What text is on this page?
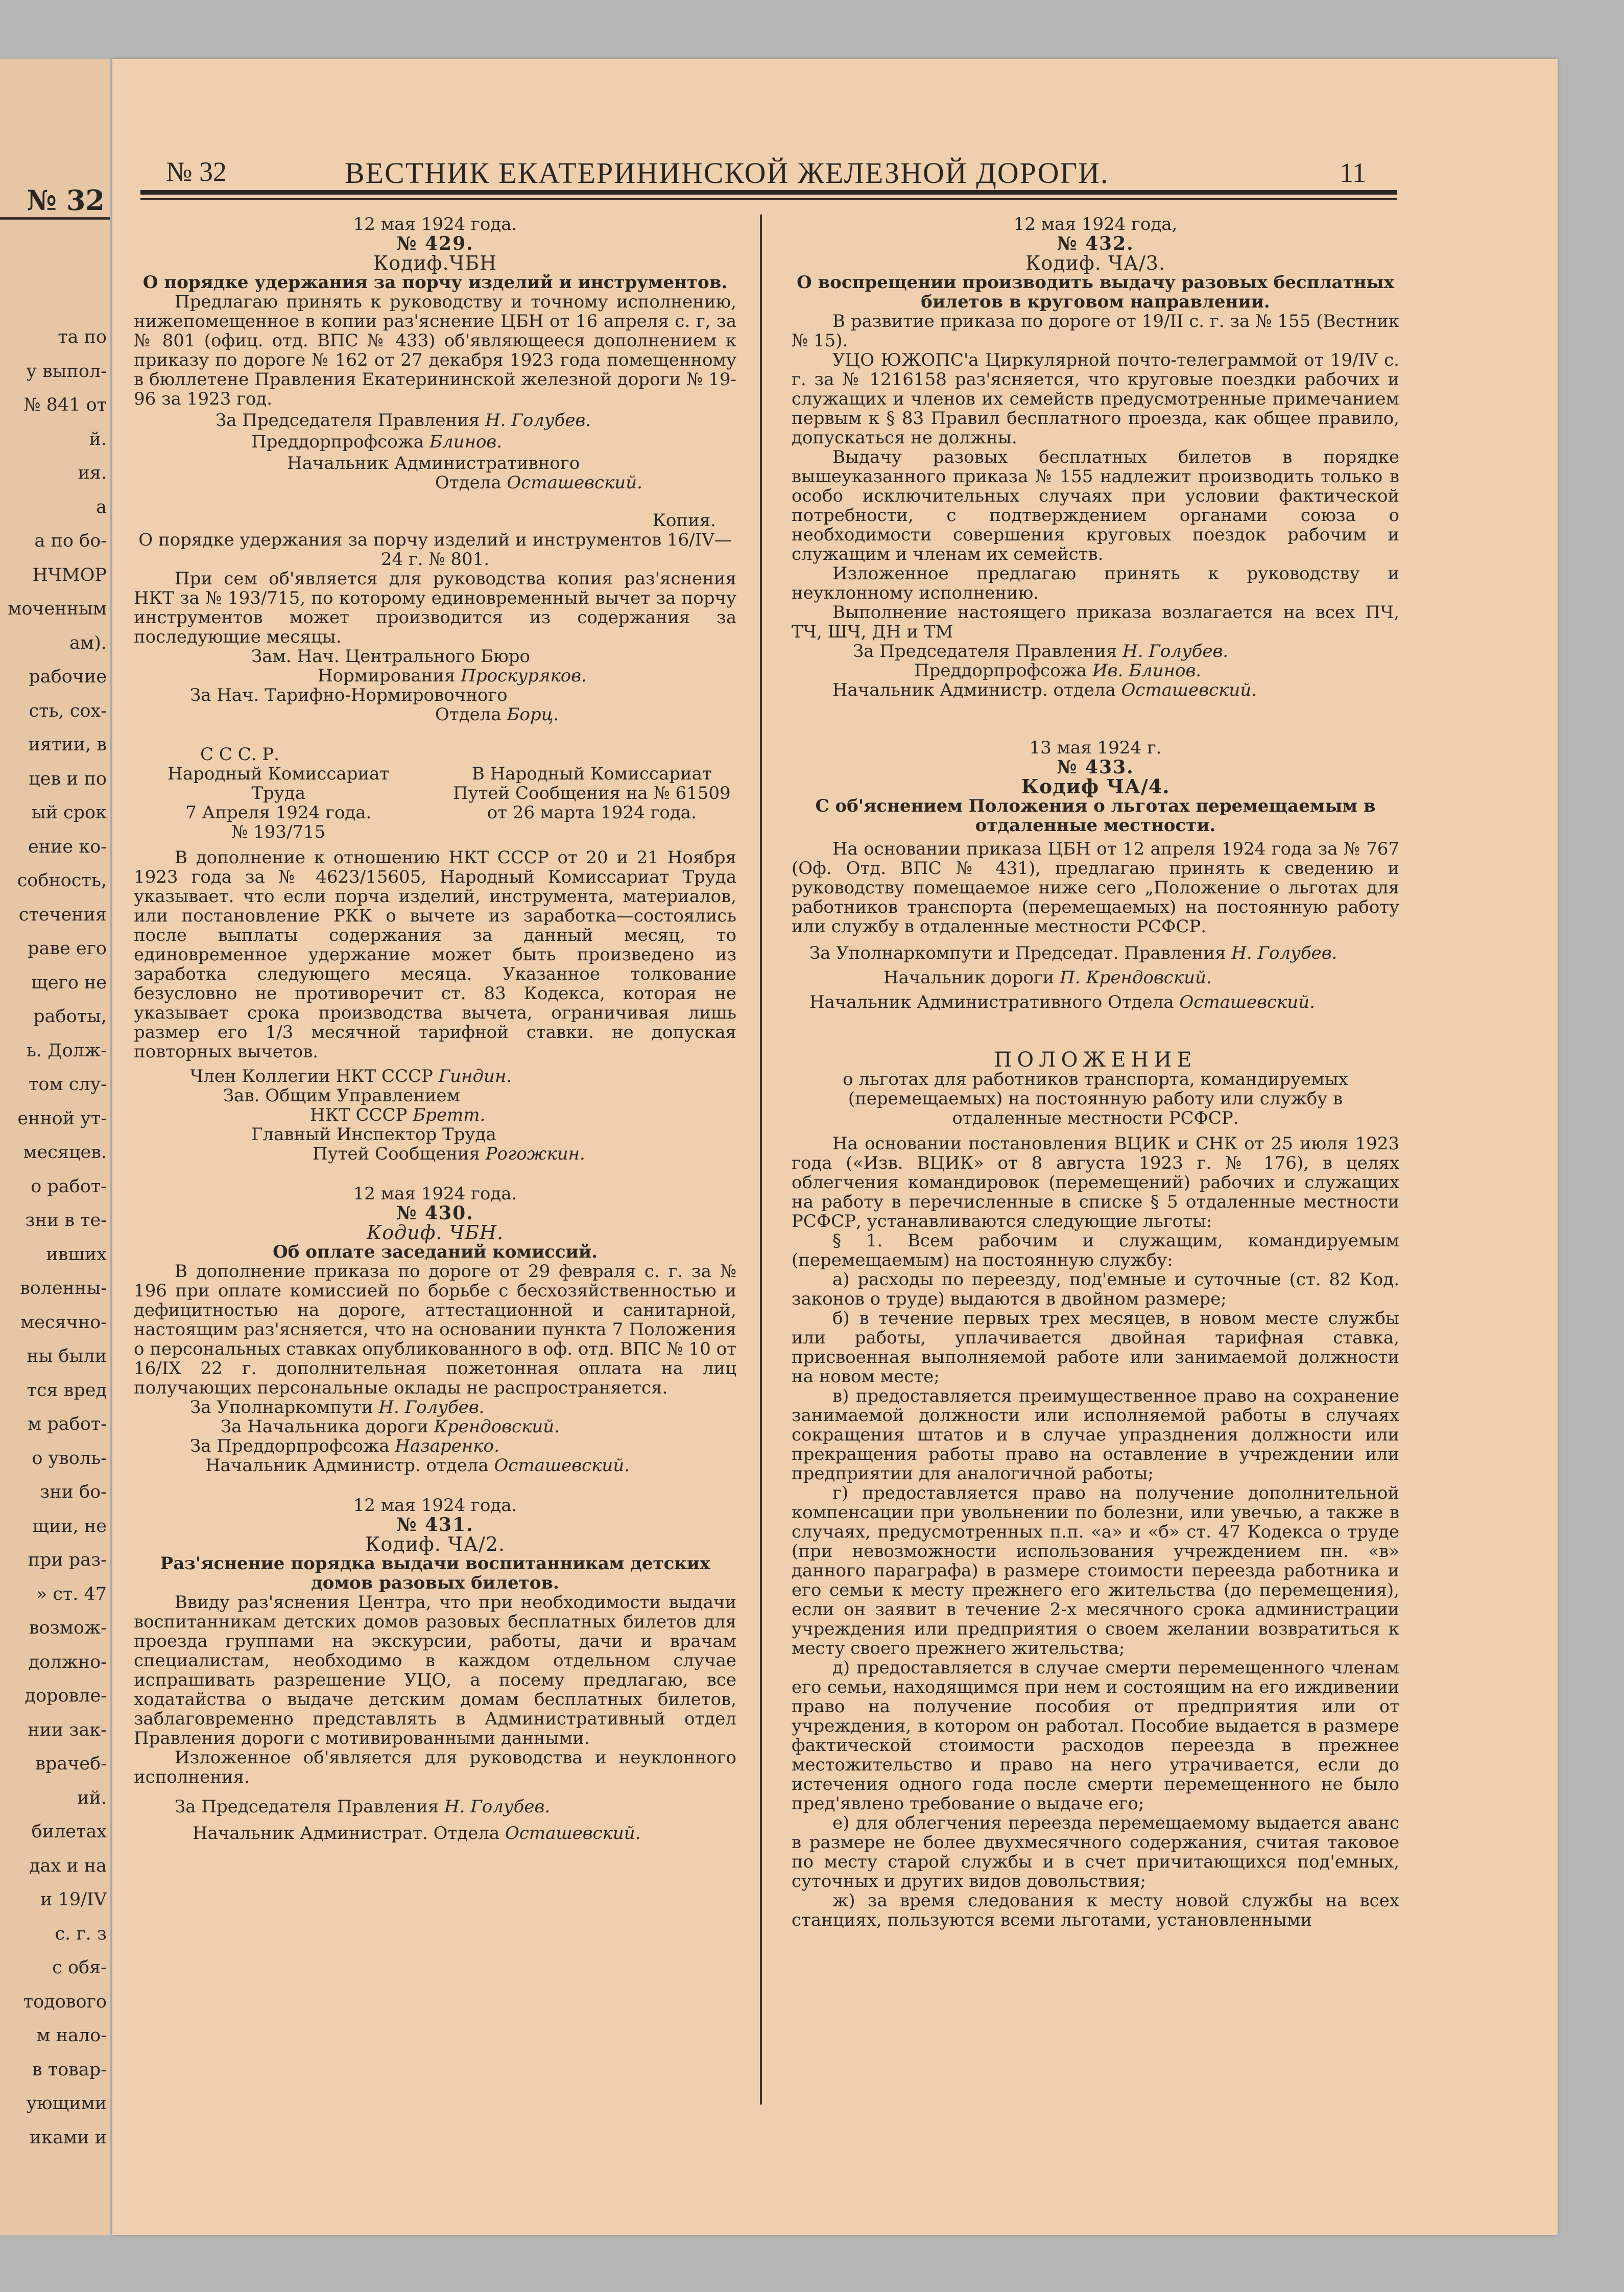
№ 32
та по
у выпол-
№ 841 от
й.
ия.
а
а по бо-
НЧМОР
моченным
ам).
рабочие
сть, сох-
иятии, в
цев и по
ый срок
ение ко-
собность,
стечения
раве его
щего не
работы,
ь. Долж-
том слу-
енной ут-
месяцев.
о работ-
зни в те-
ивших
воленны-
месячно-
ны были
тся вред
м работ-
о уволь-
зни бо-
щии, не
при раз-
» ст. 47
возмож-
должно-
доровле-
нии зак-
врачеб-
ий.
билетах
дах и на
и 19/IV
с. г. з
с обя-
тодового
м нало-
в товар-
ующими
иками и
№ 32	ВЕСТНИК ЕКАТЕРИНИНСКОЙ ЖЕЛЕЗНОЙ ДОРОГИ.	11

12 мая 1924 года.

№ 429.

Кодиф.ЧБН

О порядке удержания за порчу изделий и инструментов.

Предлагаю принять к руководству и точному исполнению, нижепомещенное в копии раз'яснение ЦБН от 16 апреля с. г, за № 801 (офиц. отд. ВПС № 433) об'являющееся дополнением к приказу по дороге № 162 от 27 декабря 1923 года помещенному в бюллетене Правления Екатерининской железной дороги № 19-96 за 1923 год.

За Председателя Правления Н. Голубев.

Преддорпрофсожа Блинов.

Начальник Административного

Отдела Осташевский.

Копия.

О порядке удержания за порчу изделий и инструментов 16/IV—24 г. № 801.

При сем об'является для руководства копия раз'яснения НКТ за № 193/715, по которому единовременный вычет за порчу инструментов может производится из содержания за последующие месяцы.

Зам. Нач. Центрального Бюро

Нормирования Проскуряков.

За Нач. Тарифно-Нормировочного

Отдела Борц.

С С С. Р.

Народный Комиссариат

Труда

7 Апреля 1924 года.

№ 193/715

В Народный Комиссариат

Путей Сообщения на № 61509

от 26 марта 1924 года.

В дополнение к отношению НКТ СССР от 20 и 21 Ноября 1923 года за № 4623/15605, Народный Комиссариат Труда указывает. что если порча изделий, инструмента, материалов, или постановление РКК о вычете из заработка—состоялись после выплаты содержания за данный месяц, то единовременное удержание может быть произведено из заработка следующего месяца. Указанное толкование безусловно не противоречит ст. 83 Кодекса, которая не указывает срока производства вычета, ограничивая лишь размер его 1/3 месячной тарифной ставки. не допуская повторных вычетов.

Член Коллегии НКТ СССР Гиндин.

Зав. Общим Управлением

НКТ СССР Бретт.

Главный Инспектор Труда

Путей Сообщения Рогожкин.

12 мая 1924 года.

№ 430.

Кодиф. ЧБН.

Об оплате заседаний комиссий.

В дополнение приказа по дороге от 29 февраля с. г. за № 196 при оплате комиссией по борьбе с бесхозяйственностью и дефицитностью на дороге, аттестационной и санитарной, настоящим раз'ясняется, что на основании пункта 7 Положения о персональных ставках опубликованного в оф. отд. ВПС № 10 от 16/IX 22 г. дополнительная пожетонная оплата на лиц получающих персональные оклады не распространяется.

За Уполнаркомпути Н. Голубев.

За Начальника дороги Крендовский.

За Преддорпрофсожа Назаренко.

Начальник Администр. отдела Осташевский.

12 мая 1924 года.

№ 431.

Кодиф. ЧА/2.

Раз'яснение порядка выдачи воспитанникам детских домов разовых билетов.

Ввиду раз'яснения Центра, что при необходимости выдачи воспитанникам детских домов разовых бесплатных билетов для проезда группами на экскурсии, работы, дачи и врачам специалистам, необходимо в каждом отдельном случае испрашивать разрешение УЦО, а посему предлагаю, все ходатайства о выдаче детским домам бесплатных билетов, заблаговременно представлять в Административный отдел Правления дороги с мотивированными данными.

Изложенное об'является для руководства и неуклонного исполнения.

За Председателя Правления Н. Голубев.

Начальник Администрат. Отдела Осташевский.

12 мая 1924 года,

№ 432.

Кодиф. ЧА/3.

О воспрещении производить выдачу разовых бесплатных билетов в круговом направлении.

В развитие приказа по дороге от 19/II с. г. за № 155 (Вестник № 15).

УЦО ЮЖОПС'а Циркулярной почто-телеграммой от 19/IV с. г. за № 1216158 раз'ясняется, что круговые поездки рабочих и служащих и членов их семейств предусмотренные примечанием первым к § 83 Правил бесплатного проезда, как общее правило, допускаться не должны.

Выдачу разовых бесплатных билетов в порядке вышеуказанного приказа № 155 надлежит производить только в особо исключительных случаях при условии фактической потребности, с подтверждением органами союза о необходимости совершения круговых поездок рабочим и служащим и членам их семейств.

Изложенное предлагаю принять к руководству и неуклонному исполнению.

Выполнение настоящего приказа возлагается на всех ПЧ, ТЧ, ШЧ, ДН и ТМ

За Председателя Правления Н. Голубев.

Преддорпрофсожа Ив. Блинов.

Начальник Администр. отдела Осташевский.

13 мая 1924 г.

№ 433.

Кодиф ЧА/4.

С об'яснением Положения о льготах перемещаемым в отдаленные местности.

На основании приказа ЦБН от 12 апреля 1924 года за № 767 (Оф. Отд. ВПС № 431), предлагаю принять к сведению и руководству помещаемое ниже сего „Положение о льготах для работников транспорта (перемещаемых) на постоянную работу или службу в отдаленные местности РСФСР.

За Уполнаркомпути и Председат. Правления Н. Голубев.

Начальник дороги П. Крендовский.

Начальник Административного Отдела Осташевский.

ПОЛОЖЕНИЕ

о льготах для работников транспорта, командируемых (перемещаемых) на постоянную работу или службу в отдаленные местности РСФСР.

На основании постановления ВЦИК и СНК от 25 июля 1923 года («Изв. ВЦИК» от 8 августа 1923 г. № 176), в целях облегчения командировок (перемещений) рабочих и служащих на работу в перечисленные в списке § 5 отдаленные местности РСФСР, устанавливаются следующие льготы:

§ 1. Всем рабочим и служащим, командируемым (перемещаемым) на постоянную службу:

а) расходы по переезду, под'емные и суточные (ст. 82 Код. законов о труде) выдаются в двойном размере;

б) в течение первых трех месяцев, в новом месте службы или работы, уплачивается двойная тарифная ставка, присвоенная выполняемой работе или занимаемой должности на новом месте;

в) предоставляется преимущественное право на сохранение занимаемой должности или исполняемой работы в случаях сокращения штатов и в случае упразднения должности или прекращения работы право на оставление в учреждении или предприятии для аналогичной работы;

г) предоставляется право на получение дополнительной компенсации при увольнении по болезни, или увечью, а также в случаях, предусмотренных п.п. «а» и «б» ст. 47 Кодекса о труде (при невозможности использования учреждением пн. «в» данного параграфа) в размере стоимости переезда работника и его семьи к месту прежнего его жительства (до перемещения), если он заявит в течение 2-х месячного срока администрации учреждения или предприятия о своем желании возвратиться к месту своего прежнего жительства;

д) предоставляется в случае смерти перемещенного членам его семьи, находящимся при нем и состоящим на его иждивении право на получение пособия от предприятия или от учреждения, в котором он работал. Пособие выдается в размере фактической стоимости расходов переезда в прежнее местожительство и право на него утрачивается, если до истечения одного года после смерти перемещенного не было пред'явлено требование о выдаче его;

е) для облегчения переезда перемещаемому выдается аванс в размере не более двухмесячного содержания, считая таковое по месту старой службы и в счет причитающихся под'емных, суточных и других видов довольствия;

ж) за время следования к месту новой службы на всех станциях, пользуются всеми льготами, установленными
